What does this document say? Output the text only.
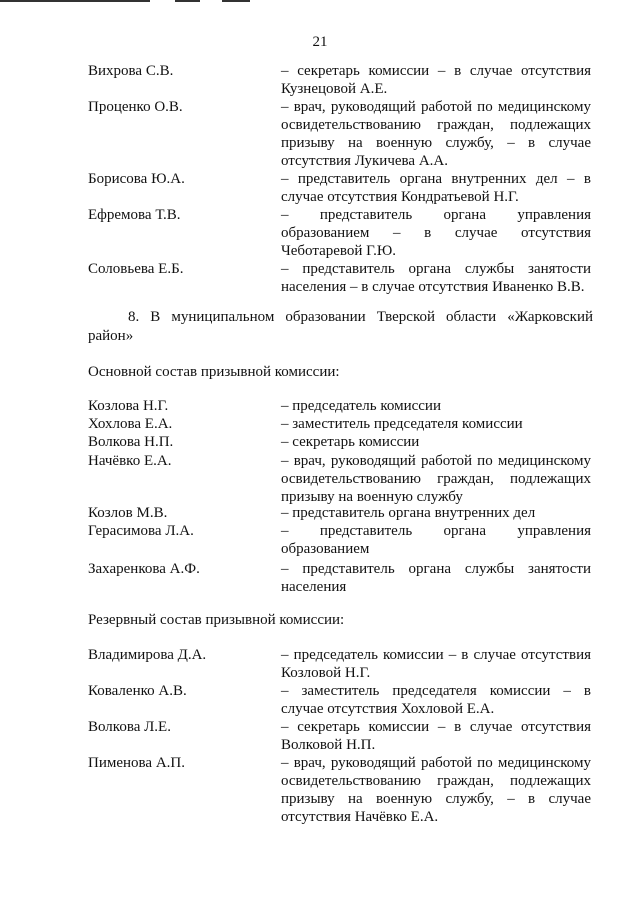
21
Вихрова С.В.	– секретарь комиссии – в случае отсутствия Кузнецовой А.Е.
Проценко О.В.	– врач, руководящий работой по медицинскому освидетельствованию граждан, подлежащих призыву на военную службу, – в случае отсутствия Лукичева А.А.
Борисова Ю.А.	– представитель органа внутренних дел – в случае отсутствия Кондратьевой Н.Г.
Ефремова Т.В.	– представитель органа управления образованием – в случае отсутствия Чеботаревой Г.Ю.
Соловьева Е.Б.	– представитель органа службы занятости населения – в случае отсутствия Иваненко В.В.
8. В муниципальном образовании Тверской области «Жарковский район»
Основной состав призывной комиссии:
Козлова Н.Г.	– председатель комиссии
Хохлова Е.А.	– заместитель председателя комиссии
Волкова Н.П.	– секретарь комиссии
Начёвко Е.А.	– врач, руководящий работой по медицинскому освидетельствованию граждан, подлежащих призыву на военную службу
Козлов М.В.	– представитель органа внутренних дел
Герасимова Л.А.	– представитель органа управления образованием
Захаренкова А.Ф.	– представитель органа службы занятости населения
Резервный состав призывной комиссии:
Владимирова Д.А.	– председатель комиссии – в случае отсутствия Козловой Н.Г.
Коваленко А.В.	– заместитель председателя комиссии – в случае отсутствия Хохловой Е.А.
Волкова Л.Е.	– секретарь комиссии – в случае отсутствия Волковой Н.П.
Пименова А.П.	– врач, руководящий работой по медицинскому освидетельствованию граждан, подлежащих призыву на военную службу, – в случае отсутствия Начёвко Е.А.
